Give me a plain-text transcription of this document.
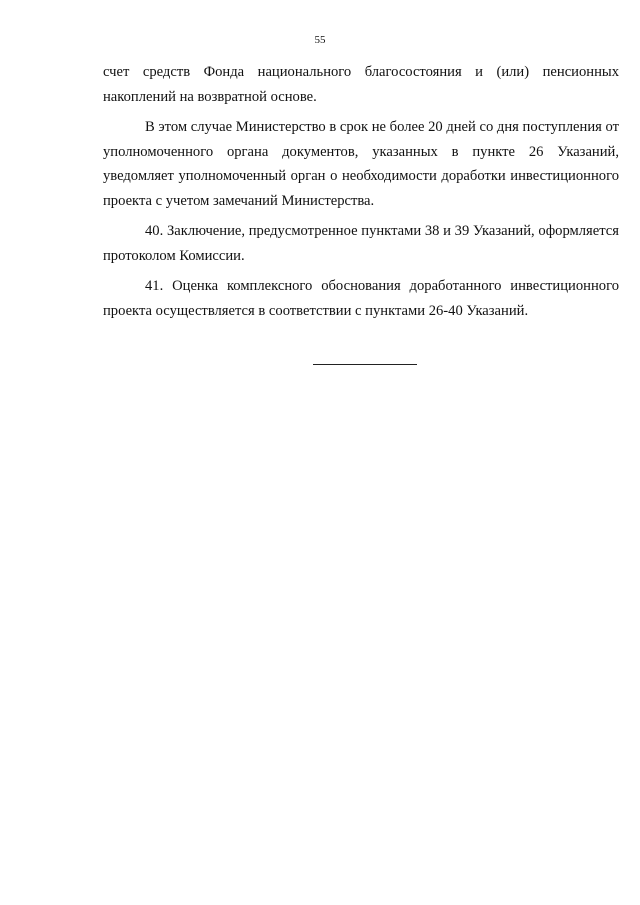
55

счет средств Фонда национального благосостояния и (или) пенсионных накоплений на возвратной основе.

В этом случае Министерство в срок не более 20 дней со дня поступления от уполномоченного органа документов, указанных в пункте 26 Указаний, уведомляет уполномоченный орган о необходимости доработки инвестиционного проекта с учетом замечаний Министерства.

40. Заключение, предусмотренное пунктами 38 и 39 Указаний, оформляется протоколом Комиссии.

41. Оценка комплексного обоснования доработанного инвестиционного проекта осуществляется в соответствии с пунктами 26-40 Указаний.
